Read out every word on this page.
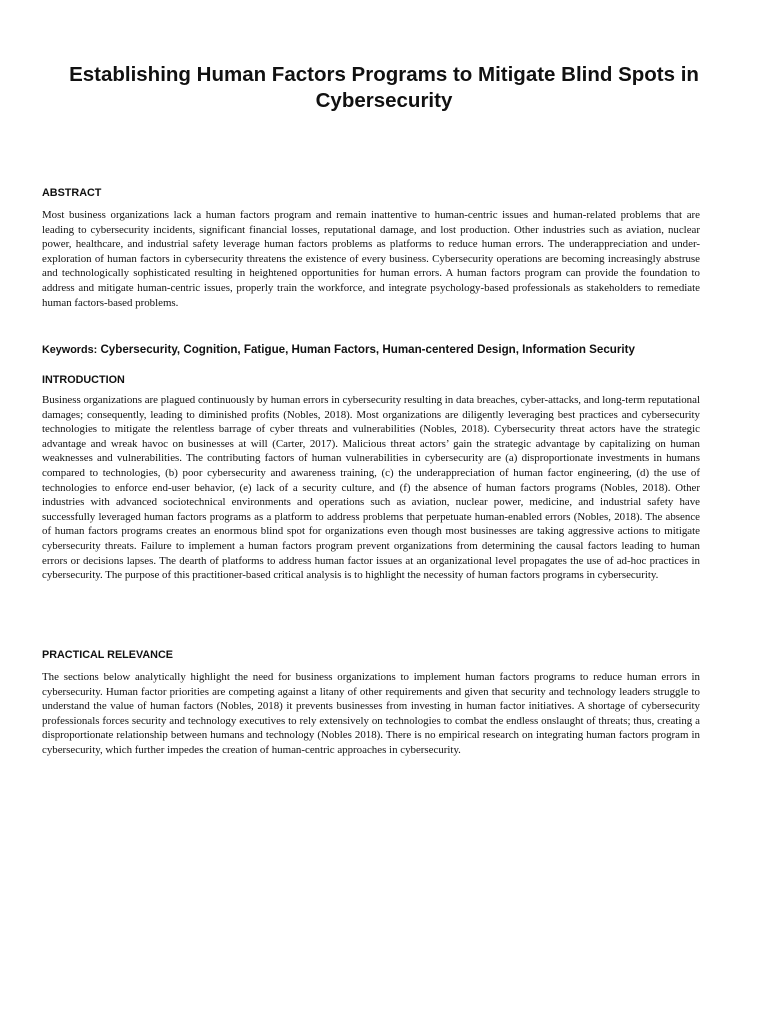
Establishing Human Factors Programs to Mitigate Blind Spots in Cybersecurity
ABSTRACT

Most business organizations lack a human factors program and remain inattentive to human-centric issues and human-related problems that are leading to cybersecurity incidents, significant financial losses, reputational damage, and lost production. Other industries such as aviation, nuclear power, healthcare, and industrial safety leverage human factors problems as platforms to reduce human errors. The underappreciation and under-exploration of human factors in cybersecurity threatens the existence of every business. Cybersecurity operations are becoming increasingly abstruse and technologically sophisticated resulting in heightened opportunities for human errors. A human factors program can provide the foundation to address and mitigate human-centric issues, properly train the workforce, and integrate psychology-based professionals as stakeholders to remediate human factors-based problems.

Keywords: Cybersecurity, Cognition, Fatigue, Human Factors, Human-centered Design, Information Security

INTRODUCTION

Business organizations are plagued continuously by human errors in cybersecurity resulting in data breaches, cyber-attacks, and long-term reputational damages; consequently, leading to diminished profits (Nobles, 2018). Most organizations are diligently leveraging best practices and cybersecurity technologies to mitigate the relentless barrage of cyber threats and vulnerabilities (Nobles, 2018). Cybersecurity threat actors have the strategic advantage and wreak havoc on businesses at will (Carter, 2017). Malicious threat actors’ gain the strategic advantage by capitalizing on human weaknesses and vulnerabilities. The contributing factors of human vulnerabilities in cybersecurity are (a) disproportionate investments in humans compared to technologies, (b) poor cybersecurity and awareness training, (c) the underappreciation of human factor engineering, (d) the use of technologies to enforce end-user behavior, (e) lack of a security culture, and (f) the absence of human factors programs (Nobles, 2018). Other industries with advanced sociotechnical environments and operations such as aviation, nuclear power, medicine, and industrial safety have successfully leveraged human factors programs as a platform to address problems that perpetuate human-enabled errors (Nobles, 2018). The absence of human factors programs creates an enormous blind spot for organizations even though most businesses are taking aggressive actions to mitigate cybersecurity threats. Failure to implement a human factors program prevent organizations from determining the causal factors leading to human errors or decisions lapses. The dearth of platforms to address human factor issues at an organizational level propagates the use of ad-hoc practices in cybersecurity. The purpose of this practitioner-based critical analysis is to highlight the necessity of human factors programs in cybersecurity.

PRACTICAL RELEVANCE

The sections below analytically highlight the need for business organizations to implement human factors programs to reduce human errors in cybersecurity. Human factor priorities are competing against a litany of other requirements and given that security and technology leaders struggle to understand the value of human factors (Nobles, 2018) it prevents businesses from investing in human factor initiatives. A shortage of cybersecurity professionals forces security and technology executives to rely extensively on technologies to combat the endless onslaught of threats; thus, creating a disproportionate relationship between humans and technology (Nobles 2018). There is no empirical research on integrating human factors program in cybersecurity, which further impedes the creation of human-centric approaches in cybersecurity.
